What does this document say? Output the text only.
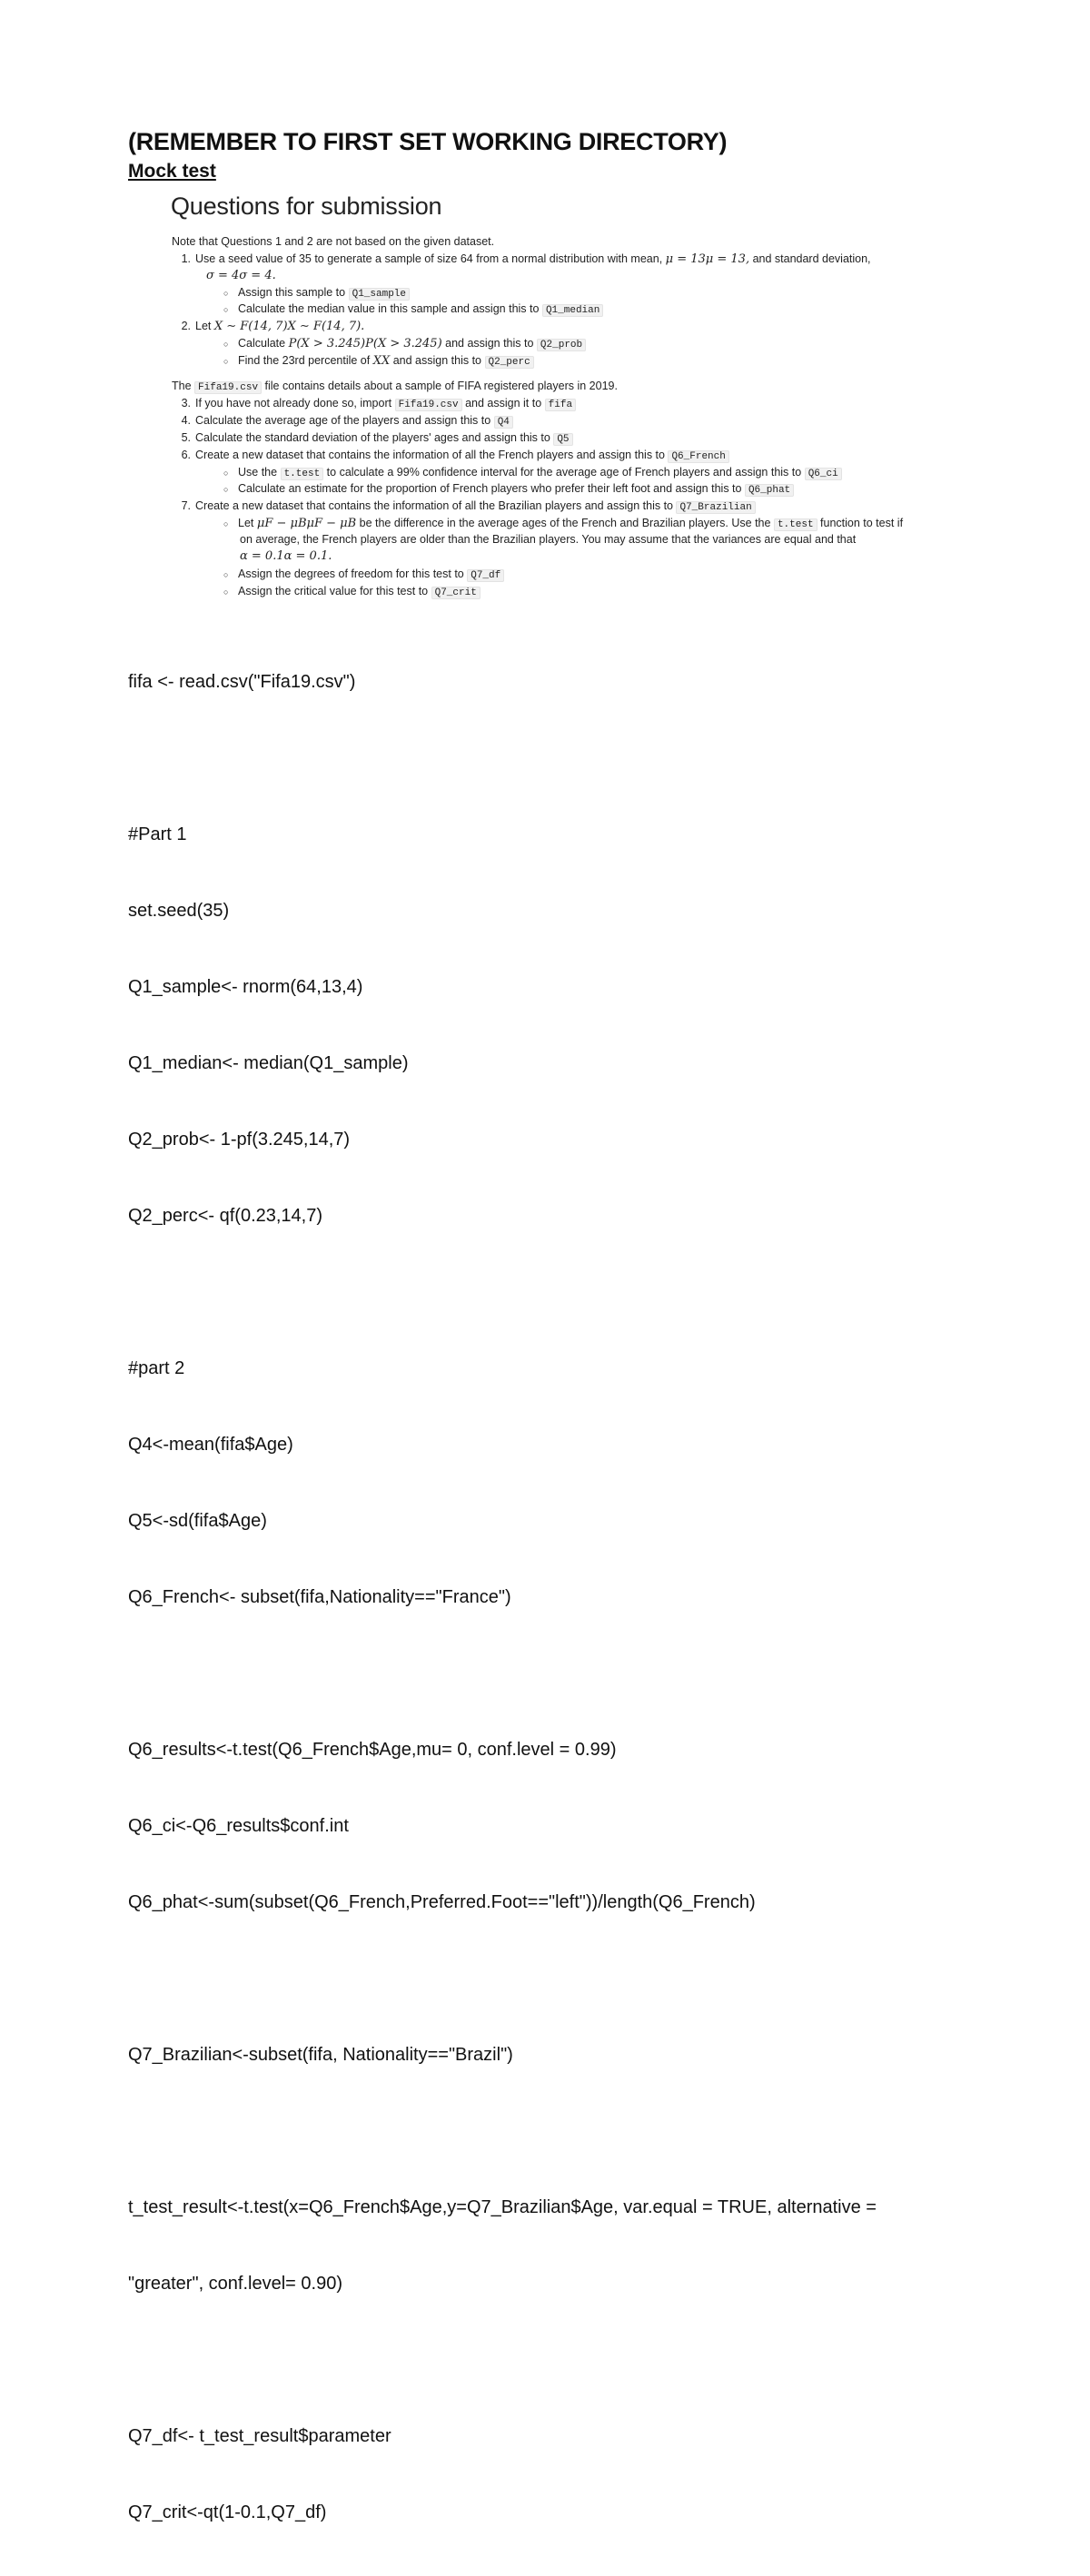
(REMEMBER TO FIRST SET WORKING DIRECTORY)
Mock test
Questions for submission
Note that Questions 1 and 2 are not based on the given dataset.
1. Use a seed value of 35 to generate a sample of size 64 from a normal distribution with mean, μ = 13μ = 13, and standard deviation,
σ = 4σ = 4.
○ Assign this sample to Q1_sample
○ Calculate the median value in this sample and assign this to Q1_median
2. Let X ∼ F(14, 7)X ∼ F(14, 7).
○ Calculate P(X > 3.245)P(X > 3.245) and assign this to Q2_prob
○ Find the 23rd percentile of XX and assign this to Q2_perc
The Fifa19.csv file contains details about a sample of FIFA registered players in 2019.
3. If you have not already done so, import Fifa19.csv and assign it to fifa
4. Calculate the average age of the players and assign this to Q4
5. Calculate the standard deviation of the players' ages and assign this to Q5
6. Create a new dataset that contains the information of all the French players and assign this to Q6_French
○ Use the t.test to calculate a 99% confidence interval for the average age of French players and assign this to Q6_ci
○ Calculate an estimate for the proportion of French players who prefer their left foot and assign this to Q6_phat
7. Create a new dataset that contains the information of all the Brazilian players and assign this to Q7_Brazilian
○ Let μF − μBμF − μB be the difference in the average ages of the French and Brazilian players. Use the t.test function to test if
on average, the French players are older than the Brazilian players. You may assume that the variances are equal and that
α = 0.1α = 0.1.
○ Assign the degrees of freedom for this test to Q7_df
○ Assign the critical value for this test to Q7_crit

fifa <- read.csv("Fifa19.csv")

#Part 1

set.seed(35)

Q1_sample<- rnorm(64,13,4)

Q1_median<- median(Q1_sample)

Q2_prob<- 1-pf(3.245,14,7)

Q2_perc<- qf(0.23,14,7)

#part 2

Q4<-mean(fifa$Age)

Q5<-sd(fifa$Age)

Q6_French<- subset(fifa,Nationality=="France")

Q6_results<-t.test(Q6_French$Age,mu= 0, conf.level = 0.99)

Q6_ci<-Q6_results$conf.int

Q6_phat<-sum(subset(Q6_French,Preferred.Foot=="left"))/length(Q6_French)

Q7_Brazilian<-subset(fifa, Nationality=="Brazil")

t_test_result<-t.test(x=Q6_French$Age,y=Q7_Brazilian$Age, var.equal = TRUE, alternative =

"greater", conf.level= 0.90)

Q7_df<- t_test_result$parameter

Q7_crit<-qt(1-0.1,Q7_df)
